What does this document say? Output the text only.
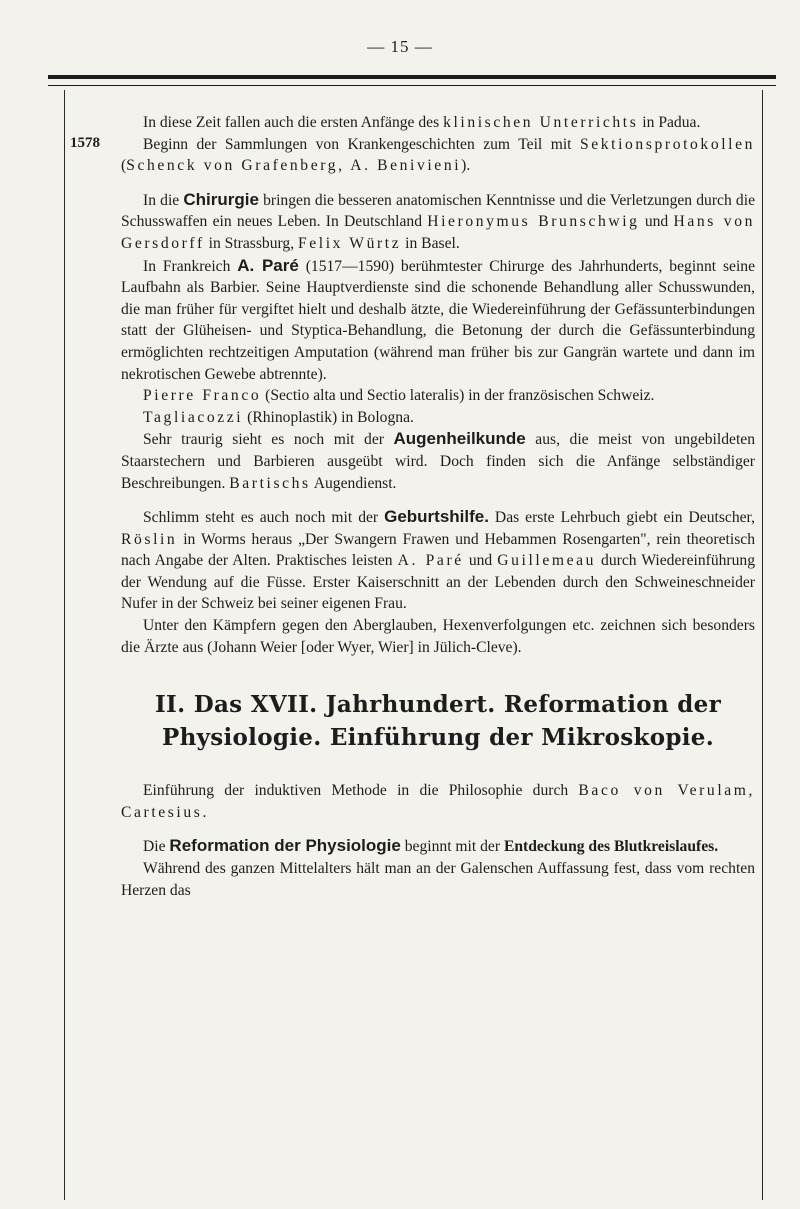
— 15 —
1578

In diese Zeit fallen auch die ersten Anfänge des klinischen Unterrichts in Padua.

Beginn der Sammlungen von Krankengeschichten zum Teil mit Sektionsprotokollen (Schenck von Grafenberg, A. Benivieni).

In die Chirurgie bringen die besseren anatomischen Kenntnisse und die Verletzungen durch die Schusswaffen ein neues Leben. In Deutschland Hieronymus Brunschwig und Hans von Gersdorff in Strassburg, Felix Würtz in Basel.

In Frankreich A. Paré (1517—1590) berühmtester Chirurge des Jahrhunderts, beginnt seine Laufbahn als Barbier. Seine Hauptverdienste sind die schonende Behandlung aller Schusswunden, die man früher für vergiftet hielt und deshalb ätzte, die Wiedereinführung der Gefässunterbindungen statt der Glüheisen- und Styptica-Behandlung, die Betonung der durch die Gefässunterbindung ermöglichten rechtzeitigen Amputation (während man früher bis zur Gangrän wartete und dann im nekrotischen Gewebe abtrennte).

Pierre Franco (Sectio alta und Sectio lateralis) in der französischen Schweiz.

Tagliacozzi (Rhinoplastik) in Bologna.

Sehr traurig sieht es noch mit der Augenheilkunde aus, die meist von ungebildeten Staarstechern und Barbieren ausgeübt wird. Doch finden sich die Anfänge selbständiger Beschreibungen. Bartischs Augendienst.

Schlimm steht es auch noch mit der Geburtshilfe. Das erste Lehrbuch giebt ein Deutscher, Röslin in Worms heraus „Der Swangern Frawen und Hebammen Rosengarten", rein theoretisch nach Angabe der Alten. Praktisches leisten A. Paré und Guillemeau durch Wiedereinführung der Wendung auf die Füsse. Erster Kaiserschnitt an der Lebenden durch den Schweineschneider Nufer in der Schweiz bei seiner eigenen Frau.

Unter den Kämpfern gegen den Aberglauben, Hexenverfolgungen etc. zeichnen sich besonders die Ärzte aus (Johann Weier [oder Wyer, Wier] in Jülich-Cleve).

II. Das XVII. Jahrhundert. Reformation der
Physiologie. Einführung der Mikroskopie.

Einführung der induktiven Methode in die Philosophie durch Baco von Verulam, Cartesius.

Die Reformation der Physiologie beginnt mit der Entdeckung des Blutkreislaufes.

Während des ganzen Mittelalters hält man an der Galenschen Auffassung fest, dass vom rechten Herzen das
